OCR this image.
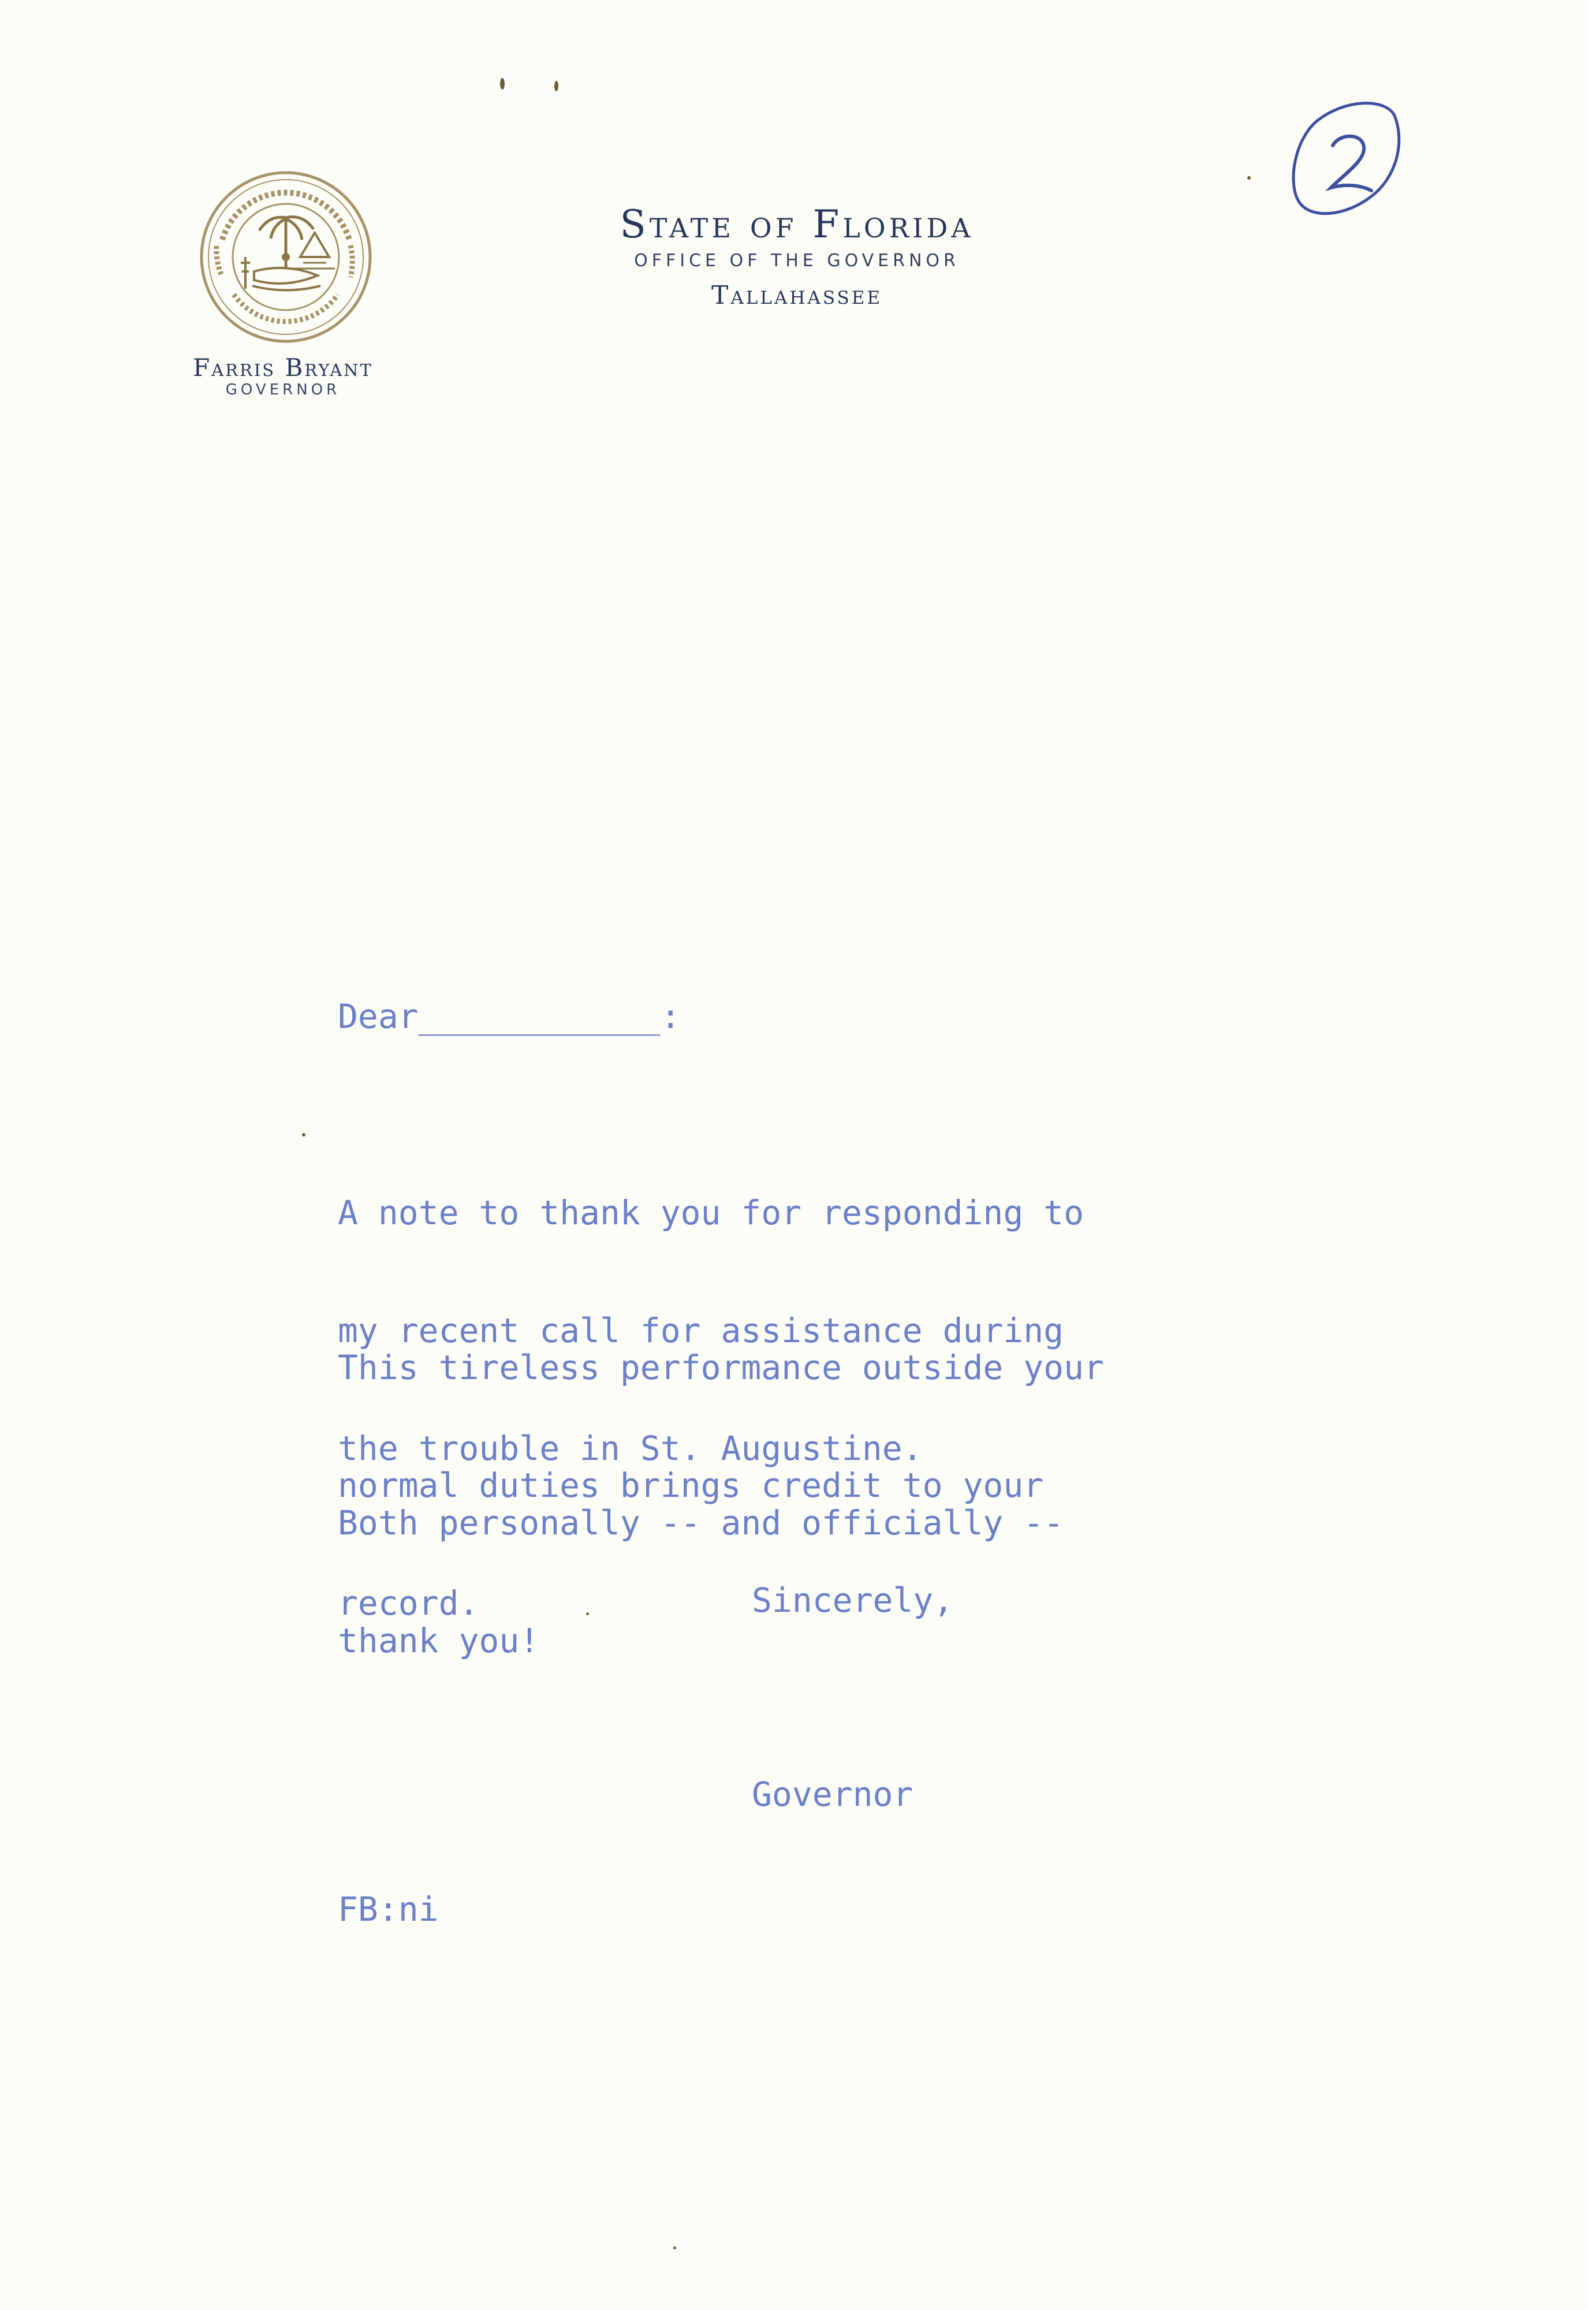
Farris Bryant
GOVERNOR
State of Florida
OFFICE OF THE GOVERNOR
Tallahassee
Dear____________:

A note to thank you for responding to

my recent call for assistance during

the trouble in St. Augustine.

This tireless performance outside your

normal duties brings credit to your

record.

Both personally -- and officially --

thank you!

Sincerely,
Governor
FB:ni
